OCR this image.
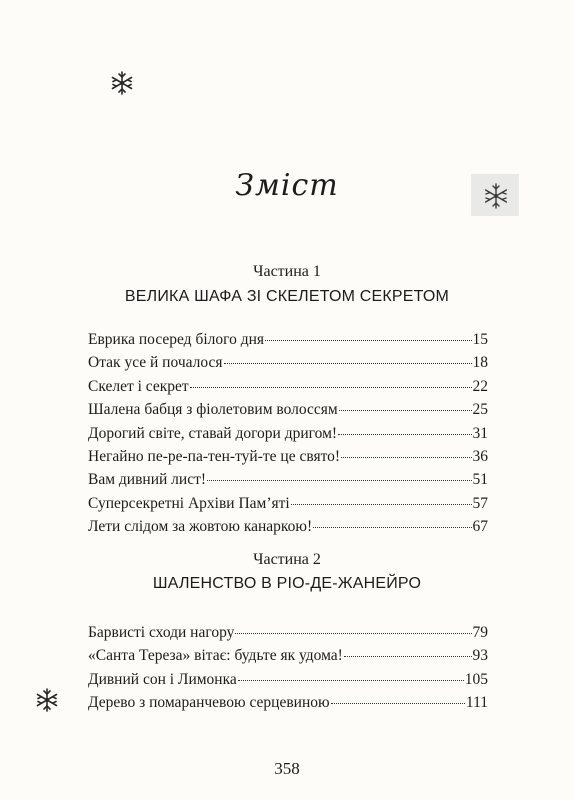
Зміст
Частина 1
ВЕЛИКА ШАФА ЗІ СКЕЛЕТОМ СЕКРЕТОМ
Еврика посеред білого дня	15
Отак усе й почалося	18
Скелет і секрет	22
Шалена бабця з фіолетовим волоссям	25
Дорогий світе, ставай догори дригом!	31
Негайно пе-ре-па-тен-туй-те це свято!	36
Вам дивний лист!	51
Суперсекретні Архіви Пам’яті	57
Лети слідом за жовтою канаркою!	67
Частина 2
ШАЛЕНСТВО В РІО-ДЕ-ЖАНЕЙРО
Барвисті сходи нагору	79
«Санта Тереза» вітає: будьте як удома!	93
Дивний сон і Лимонка	105
Дерево з помаранчевою серцевиною	111
358
